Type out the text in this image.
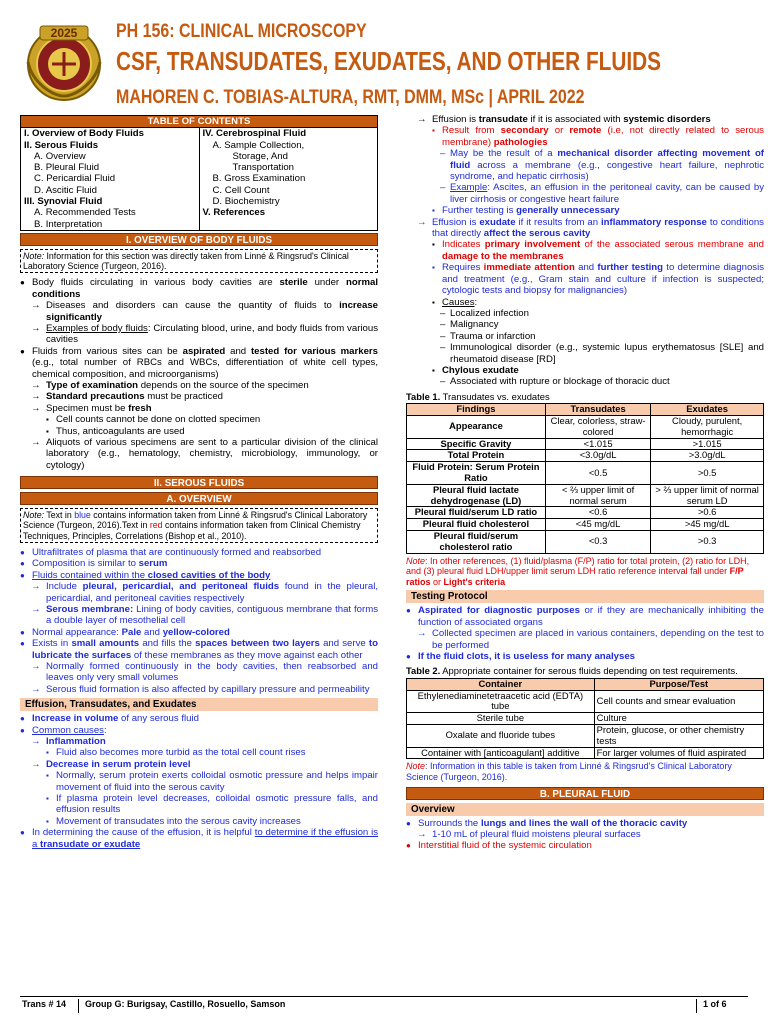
2025 PH 156: CLINICAL MICROSCOPY
CSF, TRANSUDATES, EXUDATES, AND OTHER FLUIDS
MAHOREN C. TOBIAS-ALTURA, RMT, DMM, MSc | APRIL 2022
TABLE OF CONTENTS

I. Overview of Body Fluids
II. Serous Fluids
A. Overview
B. Pleural Fluid
C. Pericardial Fluid
D. Ascitic Fluid
III. Synovial Fluid
A. Recommended Tests
B. Interpretation

IV. Cerebrospinal Fluid
A. Sample Collection,
Storage, And
Transportation
B. Gross Examination
C. Cell Count
D. Biochemistry
V. References
I. OVERVIEW OF BODY FLUIDS
Note: Information for this section was directly taken from Linné & Ringsrud's Clinical Laboratory Science (Turgeon, 2016).
● Body fluids circulating in various body cavities are sterile under normal conditions
→ Diseases and disorders can cause the quantity of fluids to increase significantly
→ Examples of body fluids: Circulating blood, urine, and body fluids from various cavities
● Fluids from various sites can be aspirated and tested for various markers (e.g., total number of RBCs and WBCs, differentiation of white cell types, chemical composition, and microorganisms)
→ Type of examination depends on the source of the specimen
→ Standard precautions must be practiced
→ Specimen must be fresh
▪ Cell counts cannot be done on clotted specimen
▪ Thus, anticoagulants are used
→ Aliquots of various specimens are sent to a particular division of the clinical laboratory (e.g., hematology, chemistry, microbiology, immunology, or cytology)
II. SEROUS FLUIDS
A. OVERVIEW
Note: Text in blue contains information taken from Linné & Ringsrud's Clinical Laboratory Science (Turgeon, 2016).Text in red contains information taken from Clinical Chemistry Techniques, Principles, Correlations (Bishop et al., 2010).
● Ultrafiltrates of plasma that are continuously formed and reabsorbed
● Composition is similar to serum
● Fluids contained within the closed cavities of the body
→ Include pleural, pericardial, and peritoneal fluids found in the pleural, pericardial, and peritoneal cavities respectively
→ Serous membrane: Lining of body cavities, contiguous membrane that forms a double layer of mesothelial cell
● Normal appearance: Pale and yellow-colored
● Exists in small amounts and fills the spaces between two layers and serve to lubricate the surfaces of these membranes as they move against each other
→ Normally formed continuously in the body cavities, then reabsorbed and leaves only very small volumes
→ Serous fluid formation is also affected by capillary pressure and permeability
Effusion, Transudates, and Exudates
● Increase in volume of any serous fluid
● Common causes:
→ Inflammation
▪ Fluid also becomes more turbid as the total cell count rises
→ Decrease in serum protein level
▪ Normally, serum protein exerts colloidal osmotic pressure and helps impair movement of fluid into the serous cavity
▪ If plasma protein level decreases, colloidal osmotic pressure falls, and effusion results
▪ Movement of transudates into the serous cavity increases
● In determining the cause of the effusion, it is helpful to determine if the effusion is a transudate or exudate
→ Effusion is transudate if it is associated with systemic disorders
▪ Result from secondary or remote (i.e, not directly related to serous membrane) pathologies
– May be the result of a mechanical disorder affecting movement of fluid across a membrane (e.g., congestive heart failure, nephrotic syndrome, and hepatic cirrhosis)
– Example: Ascites, an effusion in the peritoneal cavity, can be caused by liver cirrhosis or congestive heart failure
▪ Further testing is generally unnecessary
→ Effusion is exudate if it results from an inflammatory response to conditions that directly affect the serous cavity
▪ Indicates primary involvement of the associated serous membrane and damage to the membranes
▪ Requires immediate attention and further testing to determine diagnosis and treatment (e.g., Gram stain and culture if infection is suspected; cytologic tests and biopsy for malignancies)
▪ Causes:
– Localized infection
– Malignancy
– Trauma or infarction
– Immunological disorder (e.g., systemic lupus erythematosus [SLE] and rheumatoid disease [RD]
▪ Chylous exudate
– Associated with rupture or blockage of thoracic duct
Table 1. Transudates vs. exudates
Findings	Transudates	Exudates
Appearance	Clear, colorless, straw-colored	Cloudy, purulent, hemorrhagic
Specific Gravity	<1.015	>1.015
Total Protein	<3.0g/dL	>3.0g/dL
Fluid Protein: Serum Protein Ratio	<0.5	>0.5
Pleural fluid lactate dehydrogenase (LD)	< ⅔ upper limit of normal serum	> ⅔ upper limit of normal serum LD
Pleural fluid/serum LD ratio	<0.6	>0.6
Pleural fluid cholesterol	<45 mg/dL	>45 mg/dL
Pleural fluid/serum cholesterol ratio	<0.3	>0.3
Note: In other references, (1) fluid/plasma (F/P) ratio for total protein, (2) ratio for LDH, and (3) pleural fluid LDH/upper limit serum LDH ratio reference interval fall under F/P ratios or Light's criteria
Testing Protocol
● Aspirated for diagnostic purposes or if they are mechanically inhibiting the function of associated organs
→ Collected specimen are placed in various containers, depending on the test to be performed
● If the fluid clots, it is useless for many analyses
Table 2. Appropriate container for serous fluids depending on test requirements.
Container	Purpose/Test
Ethylenediaminetetraacetic acid (EDTA) tube	Cell counts and smear evaluation
Sterile tube	Culture
Oxalate and fluoride tubes	Protein, glucose, or other chemistry tests
Container with [anticoagulant] additive	For larger volumes of fluid aspirated
Note: Information in this table is taken from Linné & Ringsrud's Clinical Laboratory Science (Turgeon, 2016).
B. PLEURAL FLUID
Overview
● Surrounds the lungs and lines the wall of the thoracic cavity
→ 1-10 mL of pleural fluid moistens pleural surfaces
● Interstitial fluid of the systemic circulation
Trans # 14	Group G: Burigsay, Castillo, Rosuello, Samson	1 of 6
